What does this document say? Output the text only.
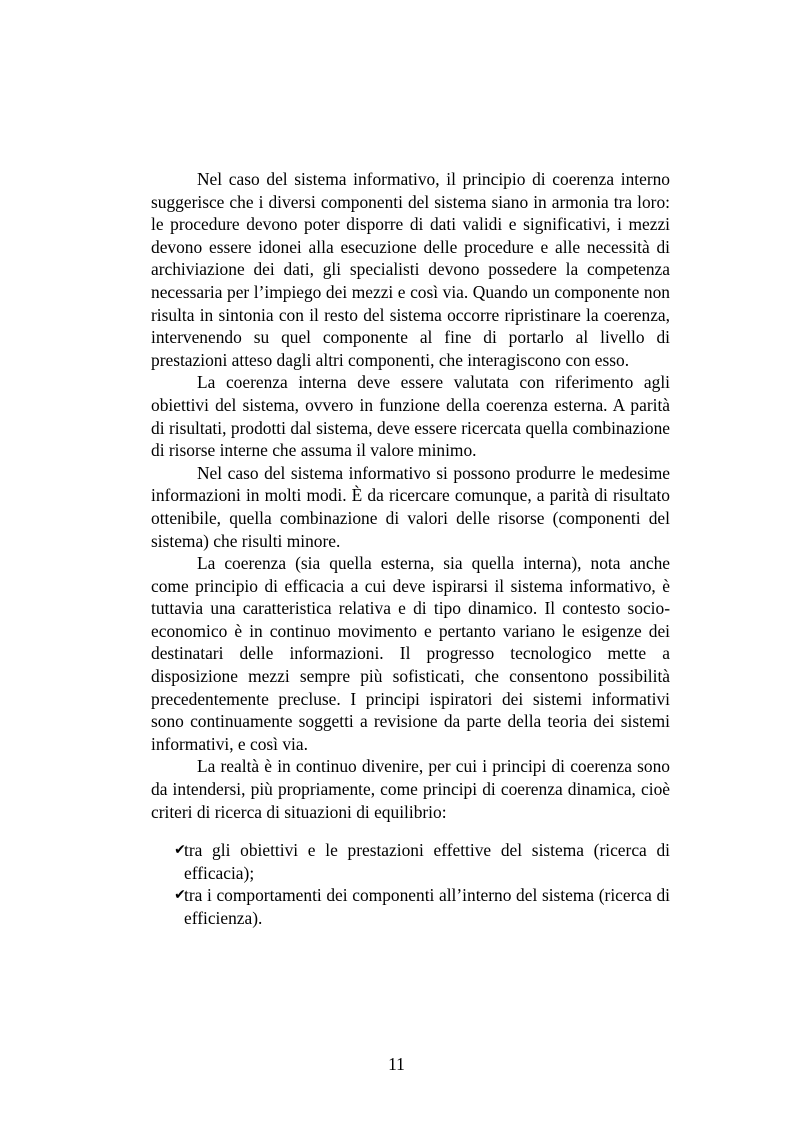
Nel caso del sistema informativo, il principio di coerenza interno suggerisce che i diversi componenti del sistema siano in armonia tra loro: le procedure devono poter disporre di dati validi e significativi, i mezzi devono essere idonei alla esecuzione delle procedure e alle necessità di archiviazione dei dati, gli specialisti devono possedere la competenza necessaria per l’impiego dei mezzi e così via. Quando un componente non risulta in sintonia con il resto del sistema occorre ripristinare la coerenza, intervenendo su quel componente al fine di portarlo al livello di prestazioni atteso dagli altri componenti, che interagiscono con esso.

La coerenza interna deve essere valutata con riferimento agli obiettivi del sistema, ovvero in funzione della coerenza esterna. A parità di risultati, prodotti dal sistema, deve essere ricercata quella combinazione di risorse interne che assuma il valore minimo.

Nel caso del sistema informativo si possono produrre le medesime informazioni in molti modi. È da ricercare comunque, a parità di risultato ottenibile, quella combinazione di valori delle risorse (componenti del sistema) che risulti minore.

La coerenza (sia quella esterna, sia quella interna), nota anche come principio di efficacia a cui deve ispirarsi il sistema informativo, è tuttavia una caratteristica relativa e di tipo dinamico. Il contesto socio-economico è in continuo movimento e pertanto variano le esigenze dei destinatari delle informazioni. Il progresso tecnologico mette a disposizione mezzi sempre più sofisticati, che consentono possibilità precedentemente precluse. I principi ispiratori dei sistemi informativi sono continuamente soggetti a revisione da parte della teoria dei sistemi informativi, e così via.

La realtà è in continuo divenire, per cui i principi di coerenza sono da intendersi, più propriamente, come principi di coerenza dinamica, cioè criteri di ricerca di situazioni di equilibrio:

✔
tra gli obiettivi e le prestazioni effettive del sistema (ricerca di efficacia);
✔
tra i comportamenti dei componenti all’interno del sistema (ricerca di efficienza).
11
